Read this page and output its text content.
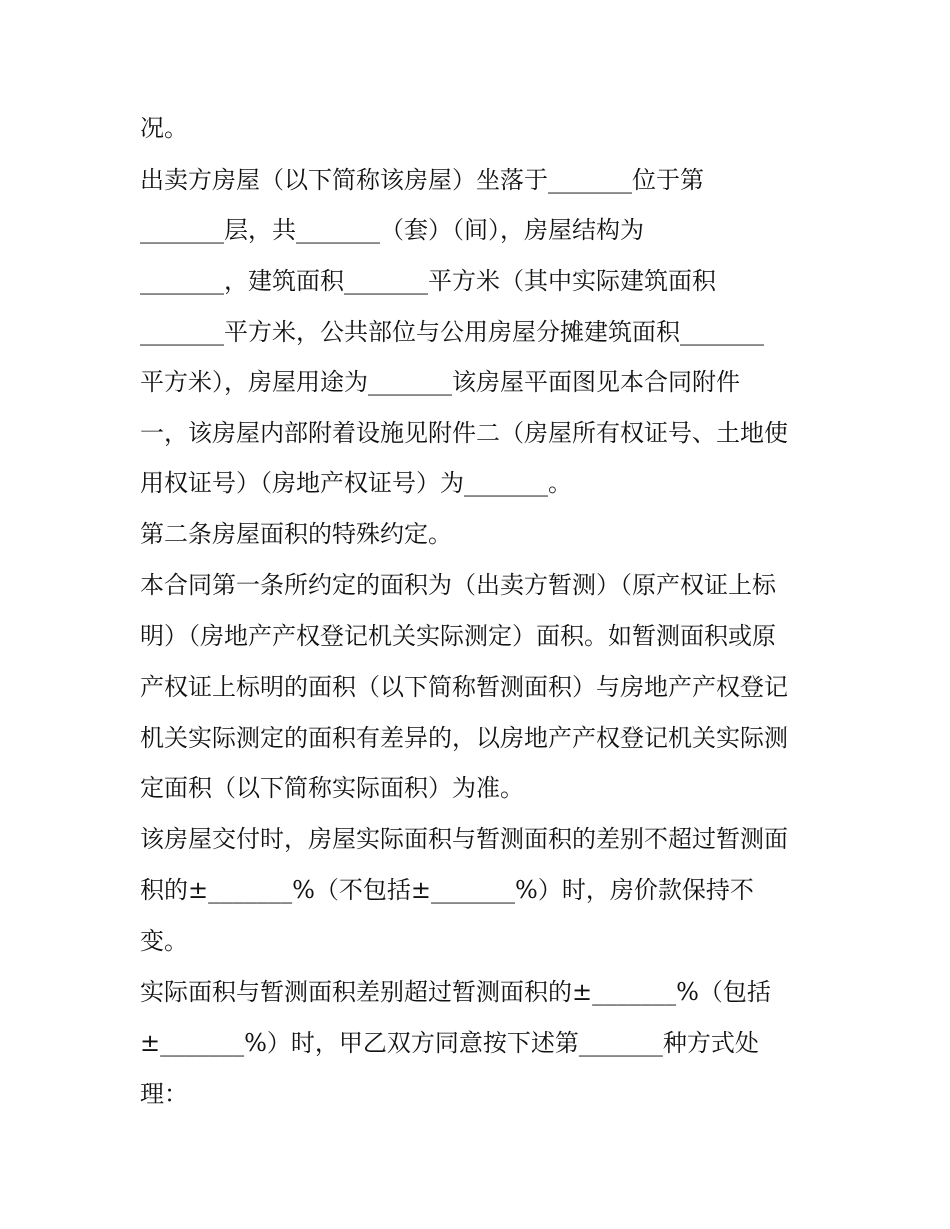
况。
出卖方房屋（以下简称该房屋）坐落于_______位于第
_______层，共_______（套）（间），房屋结构为
_______，建筑面积_______平方米（其中实际建筑面积
_______平方米，公共部位与公用房屋分摊建筑面积_______
平方米），房屋用途为_______该房屋平面图见本合同附件
一，该房屋内部附着设施见附件二（房屋所有权证号、土地使
用权证号）（房地产权证号）为_______。
第二条房屋面积的特殊约定。
本合同第一条所约定的面积为（出卖方暂测）（原产权证上标
明）（房地产产权登记机关实际测定）面积。如暂测面积或原
产权证上标明的面积（以下简称暂测面积）与房地产产权登记
机关实际测定的面积有差异的，以房地产产权登记机关实际测
定面积（以下简称实际面积）为准。
该房屋交付时，房屋实际面积与暂测面积的差别不超过暂测面
积的±_______%（不包括±_______%）时，房价款保持不
变。
实际面积与暂测面积差别超过暂测面积的±_______%（包括
±_______%）时，甲乙双方同意按下述第_______种方式处
理：
